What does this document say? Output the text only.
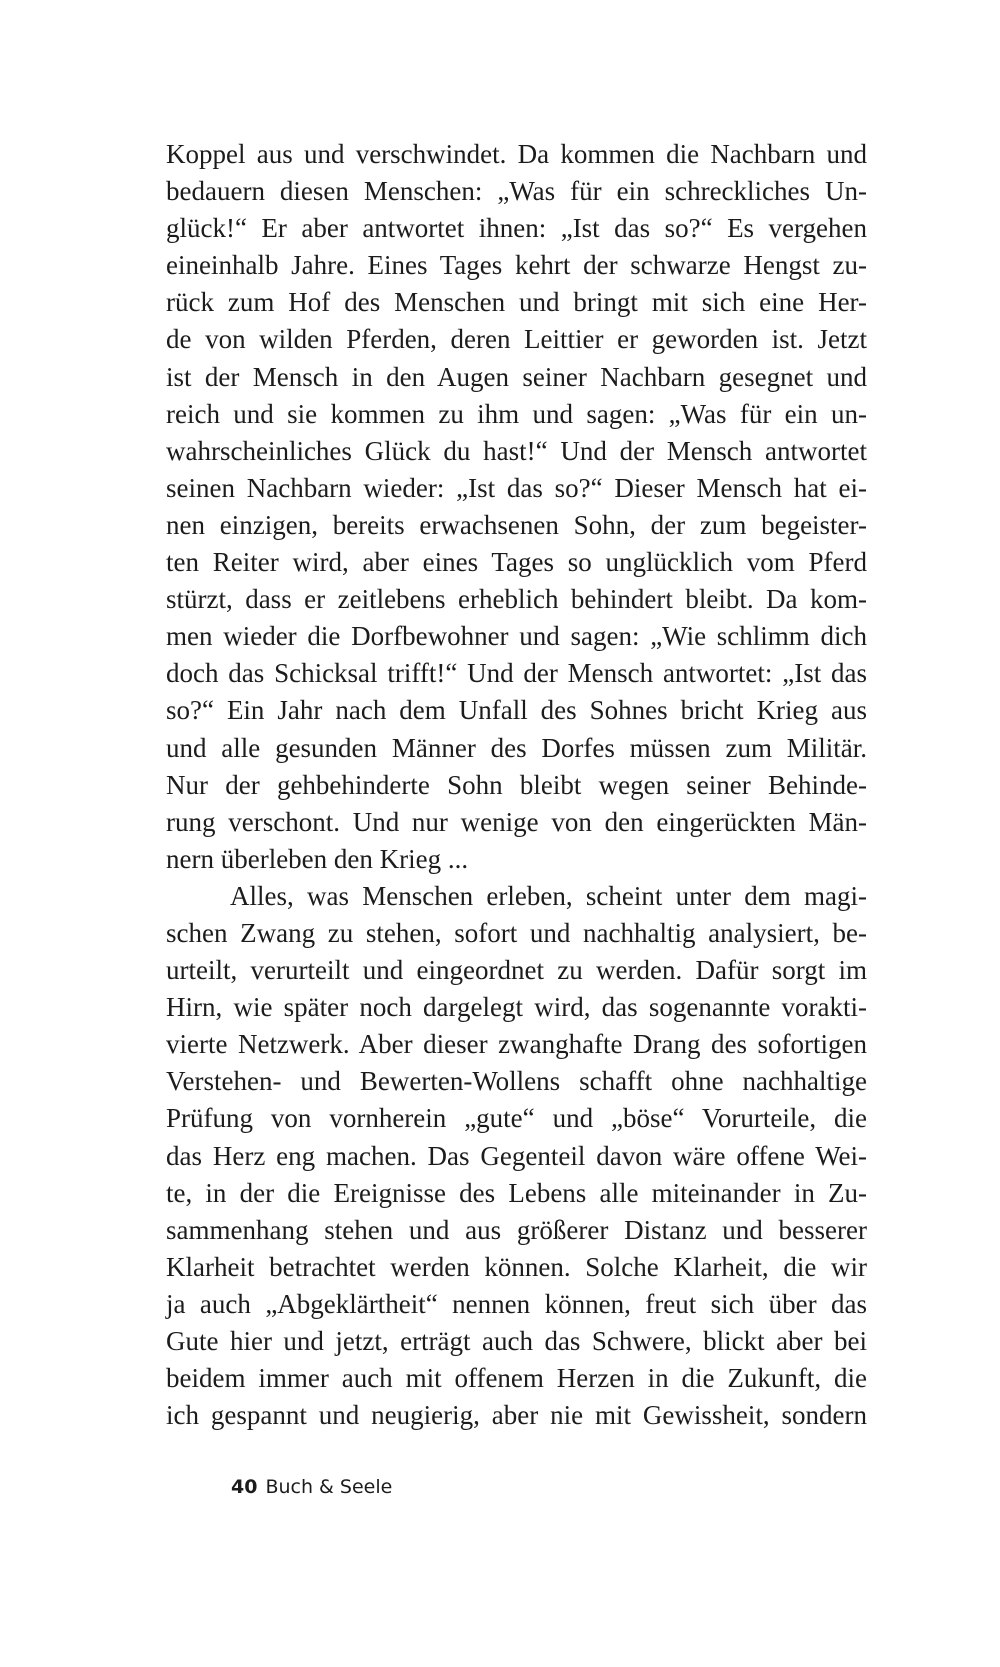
Koppel aus und verschwindet. Da kommen die Nachbarn und
bedauern diesen Menschen: „Was für ein schreckliches Un-
glück!“ Er aber antwortet ihnen: „Ist das so?“ Es vergehen
eineinhalb Jahre. Eines Tages kehrt der schwarze Hengst zu-
rück zum Hof des Menschen und bringt mit sich eine Her-
de von wilden Pferden, deren Leittier er geworden ist. Jetzt
ist der Mensch in den Augen seiner Nachbarn gesegnet und
reich und sie kommen zu ihm und sagen: „Was für ein un-
wahrscheinliches Glück du hast!“ Und der Mensch antwortet
seinen Nachbarn wieder: „Ist das so?“ Dieser Mensch hat ei-
nen einzigen, bereits erwachsenen Sohn, der zum begeister-
ten Reiter wird, aber eines Tages so unglücklich vom Pferd
stürzt, dass er zeitlebens erheblich behindert bleibt. Da kom-
men wieder die Dorfbewohner und sagen: „Wie schlimm dich
doch das Schicksal trifft!“ Und der Mensch antwortet: „Ist das
so?“ Ein Jahr nach dem Unfall des Sohnes bricht Krieg aus
und alle gesunden Männer des Dorfes müssen zum Militär.
Nur der gehbehinderte Sohn bleibt wegen seiner Behinde-
rung verschont. Und nur wenige von den eingerückten Män-
nern überleben den Krieg ...
Alles, was Menschen erleben, scheint unter dem magi-
schen Zwang zu stehen, sofort und nachhaltig analysiert, be-
urteilt, verurteilt und eingeordnet zu werden. Dafür sorgt im
Hirn, wie später noch dargelegt wird, das sogenannte vorakti-
vierte Netzwerk. Aber dieser zwanghafte Drang des sofortigen
Verstehen- und Bewerten-Wollens schafft ohne nachhaltige
Prüfung von vornherein „gute“ und „böse“ Vorurteile, die
das Herz eng machen. Das Gegenteil davon wäre offene Wei-
te, in der die Ereignisse des Lebens alle miteinander in Zu-
sammenhang stehen und aus größerer Distanz und besserer
Klarheit betrachtet werden können. Solche Klarheit, die wir
ja auch „Abgeklärtheit“ nennen können, freut sich über das
Gute hier und jetzt, erträgt auch das Schwere, blickt aber bei
beidem immer auch mit offenem Herzen in die Zukunft, die
ich gespannt und neugierig, aber nie mit Gewissheit, sondern
40 Buch & Seele
